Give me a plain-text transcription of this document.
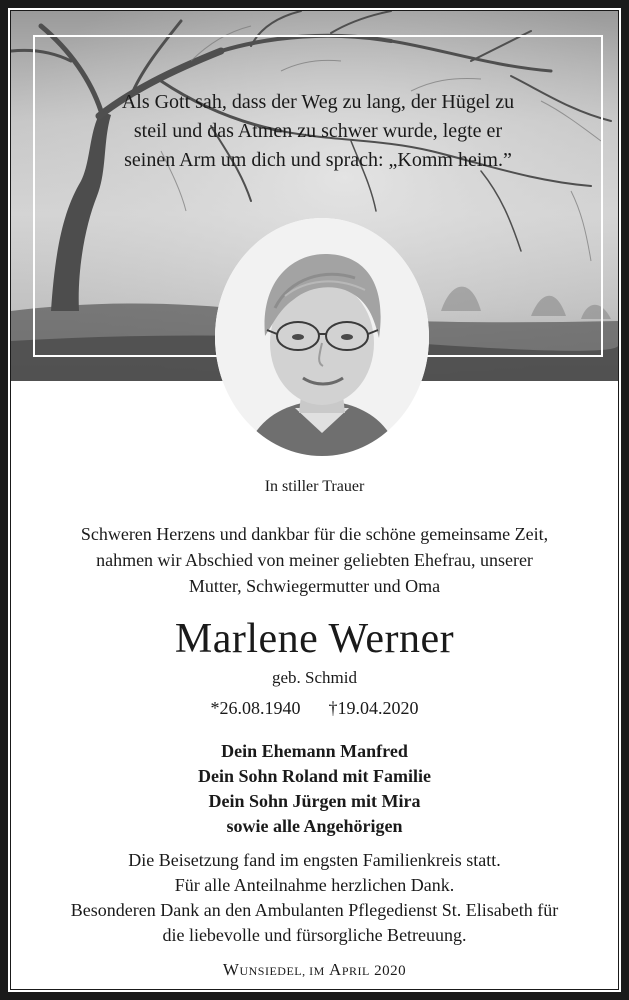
Als Gott sah, dass der Weg zu lang, der Hügel zu
steil und das Atmen zu schwer wurde, legte er
seinen Arm um dich und sprach: „Komm heim.”
In stiller Trauer
Schweren Herzens und dankbar für die schöne gemeinsame Zeit,
nahmen wir Abschied von meiner geliebten Ehefrau, unserer
Mutter, Schwiegermutter und Oma
Marlene Werner
geb. Schmid
*26.08.1940 †19.04.2020
Dein Ehemann Manfred
Dein Sohn Roland mit Familie
Dein Sohn Jürgen mit Mira
sowie alle Angehörigen
Die Beisetzung fand im engsten Familienkreis statt.
Für alle Anteilnahme herzlichen Dank.
Besonderen Dank an den Ambulanten Pflegedienst St. Elisabeth für
die liebevolle und fürsorgliche Betreuung.
WUNSIEDEL, IM APRIL 2020
